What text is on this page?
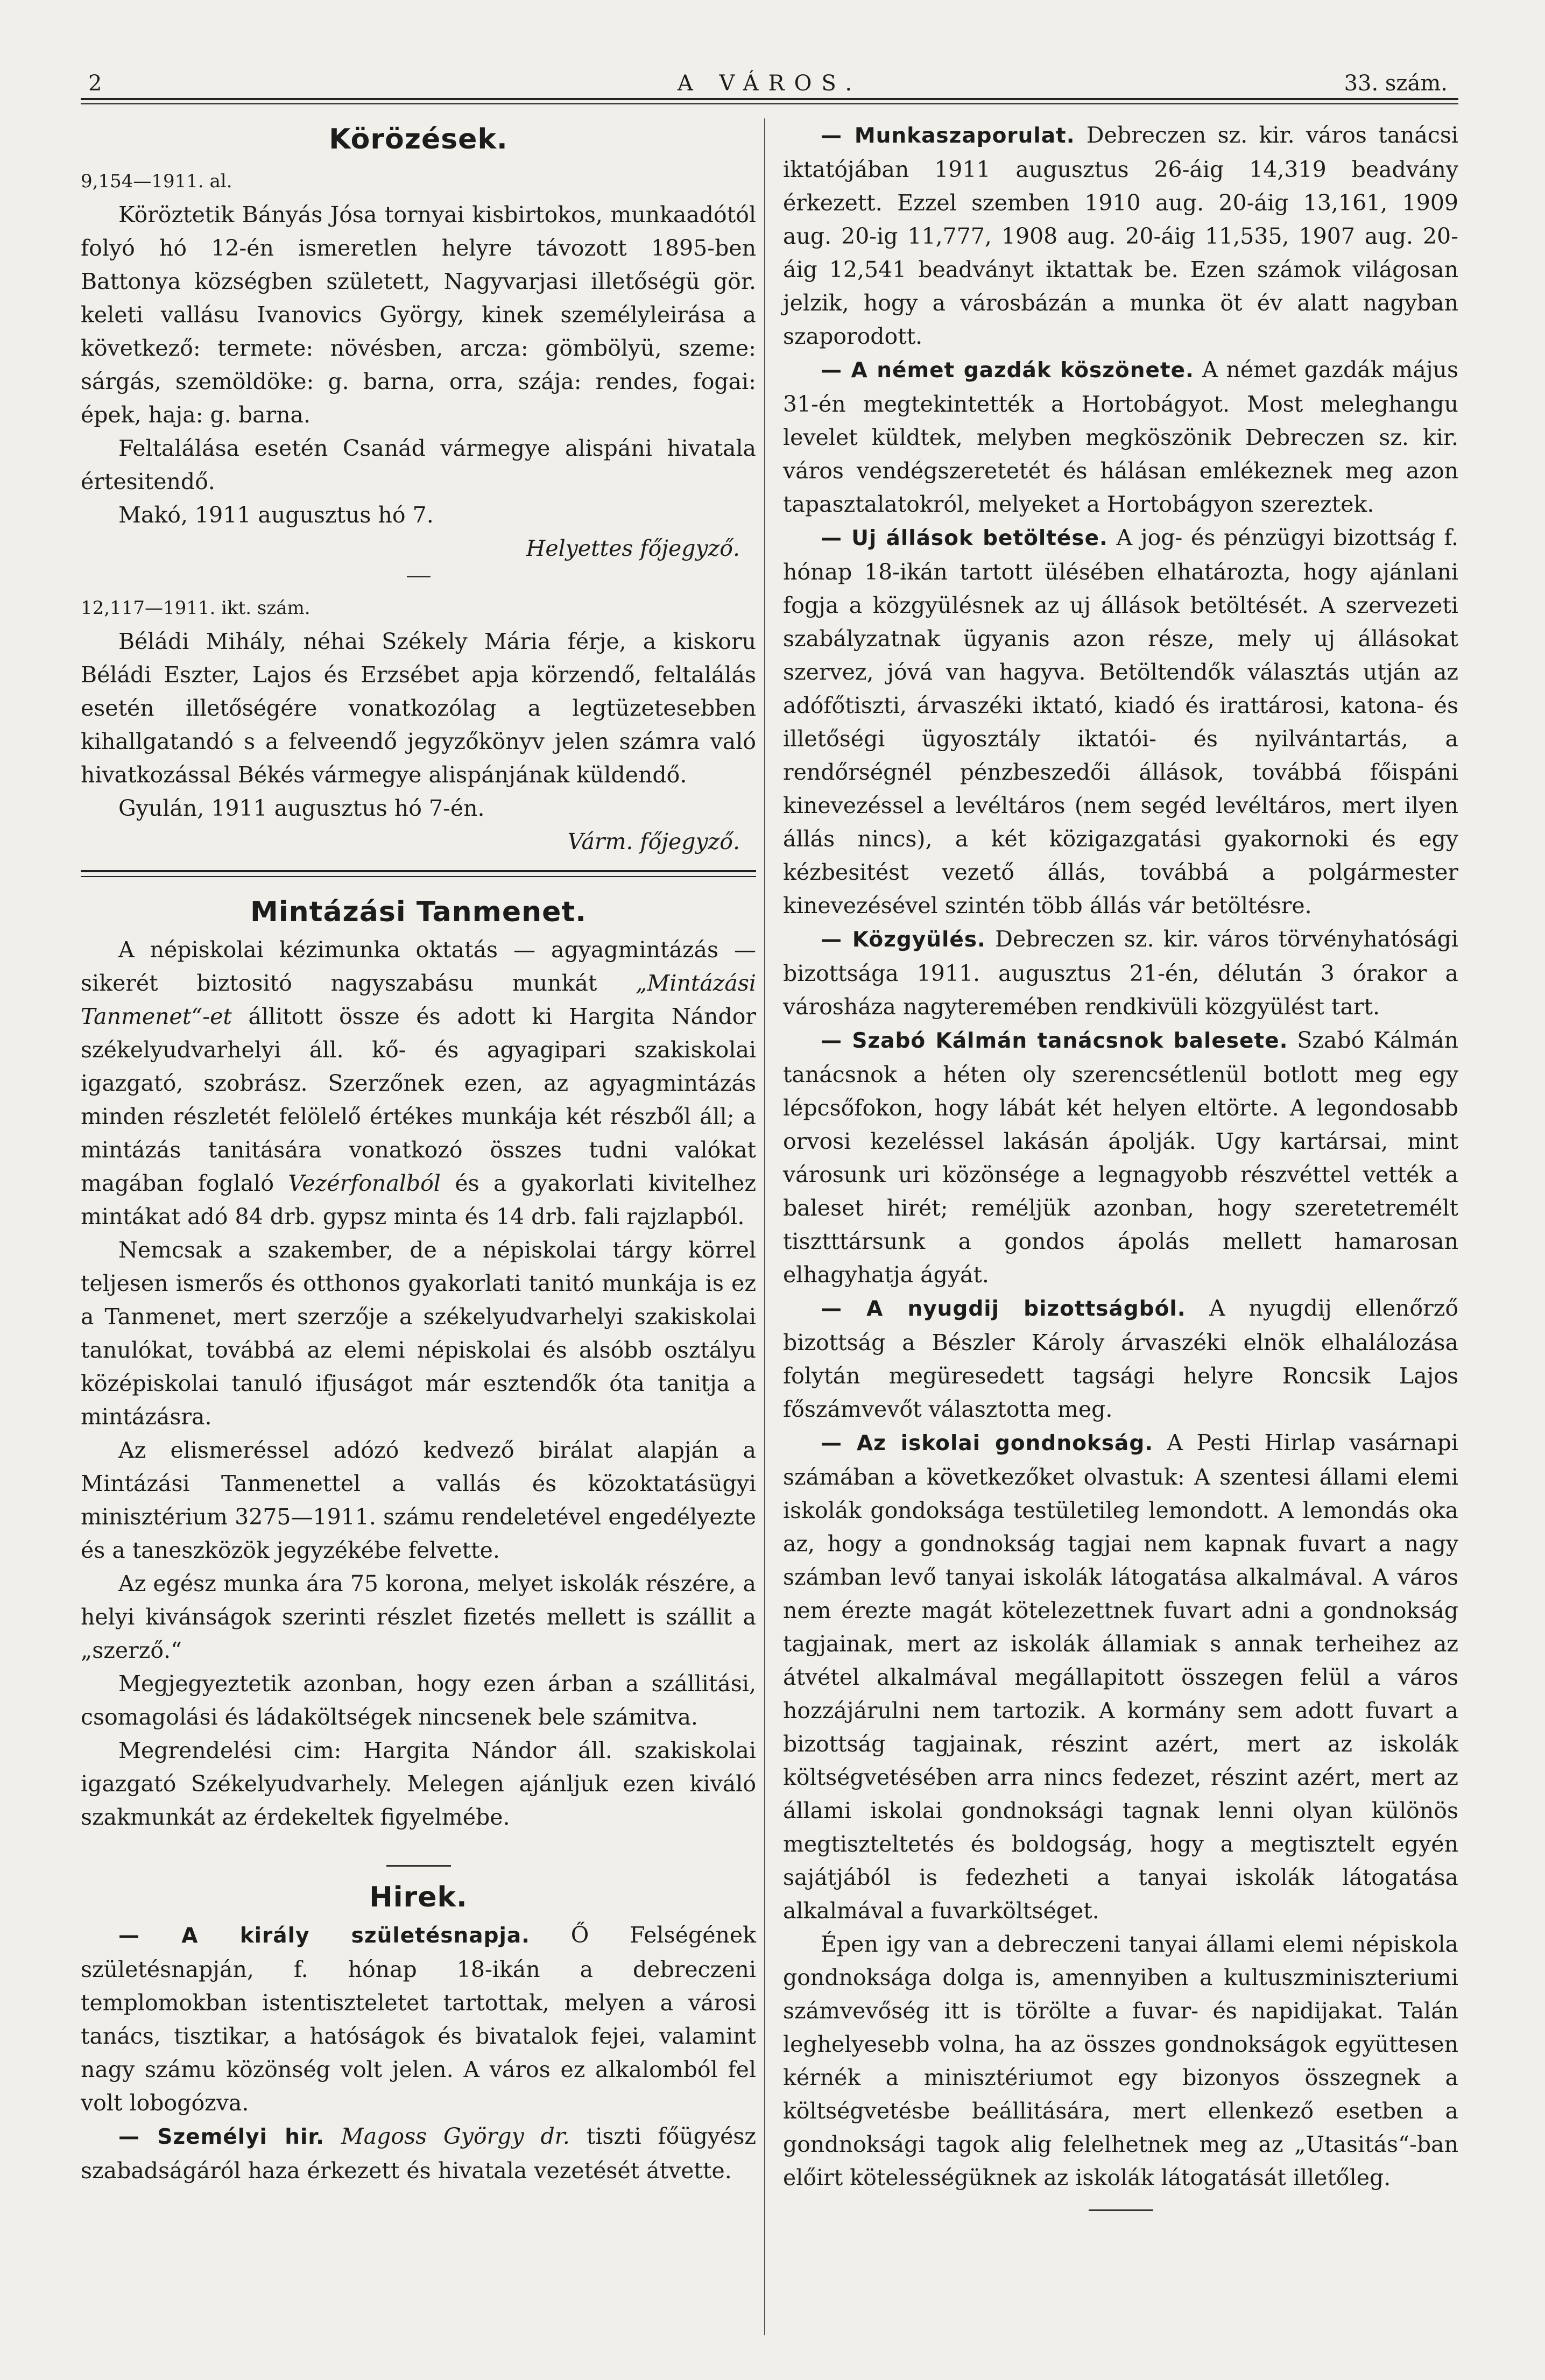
2	A VÁROS.	33. szám.
Körözések.

9,154—1911. al.

Köröztetik Bányás Jósa tornyai kisbirtokos, munkaadótól folyó hó 12-én ismeretlen helyre távozott 1895-ben Battonya községben született, Nagyvarjasi illetőségü gör. keleti vallásu Ivanovics György, kinek személyleirása a következő: termete: növésben, arcza: gömbölyü, szeme: sárgás, szemöldöke: g. barna, orra, szája: rendes, fogai: épek, haja: g. barna.

Feltalálása esetén Csanád vármegye alispáni hivatala értesitendő.

Makó, 1911 augusztus hó 7.

Helyettes főjegyző.

12,117—1911. ikt. szám.

Béládi Mihály, néhai Székely Mária férje, a kiskoru Béládi Eszter, Lajos és Erzsébet apja körzendő, feltalálás esetén illetőségére vonatkozólag a legtüzetesebben kihallgatandó s a felveendő jegyzőkönyv jelen számra való hivatkozással Békés vármegye alispánjának küldendő.

Gyulán, 1911 augusztus hó 7-én.

Várm. főjegyző.

Mintázási Tanmenet.

A népiskolai kézimunka oktatás — agyagmintázás — sikerét biztositó nagyszabásu munkát „Mintázási Tanmenet“-et állitott össze és adott ki Hargita Nándor székelyudvarhelyi áll. kő- és agyagipari szakiskolai igazgató, szobrász. Szerzőnek ezen, az agyagmintázás minden részletét felölelő értékes munkája két részből áll; a mintázás tanitására vonatkozó összes tudni valókat magában foglaló Vezérfonalból és a gyakorlati kivitelhez mintákat adó 84 drb. gypsz minta és 14 drb. fali rajzlapból.

Nemcsak a szakember, de a népiskolai tárgy körrel teljesen ismerős és otthonos gyakorlati tanitó munkája is ez a Tanmenet, mert szerzője a székelyudvarhelyi szakiskolai tanulókat, továbbá az elemi népiskolai és alsóbb osztályu középiskolai tanuló ifjuságot már esztendők óta tanitja a mintázásra.

Az elismeréssel adózó kedvező birálat alapján a Mintázási Tanmenettel a vallás és közoktatásügyi minisztérium 3275—1911. számu rendeletével engedélyezte és a taneszközök jegyzékébe felvette.

Az egész munka ára 75 korona, melyet iskolák részére, a helyi kivánságok szerinti részlet fizetés mellett is szállit a „szerző.“

Megjegyeztetik azonban, hogy ezen árban a szállitási, csomagolási és ládaköltségek nincsenek bele számitva.

Megrendelési cim: Hargita Nándor áll. szakiskolai igazgató Székelyudvarhely. Melegen ajánljuk ezen kiváló szakmunkát az érdekeltek figyelmébe.

Hirek.

— A király születésnapja. Ő Felségének születésnapján, f. hónap 18-ikán a debreczeni templomokban istentiszteletet tartottak, melyen a városi tanács, tisztikar, a hatóságok és bivatalok fejei, valamint nagy számu közönség volt jelen. A város ez alkalomból fel volt lobogózva.

— Személyi hir. Magoss György dr. tiszti főügyész szabadságáról haza érkezett és hivatala vezetését átvette.

— Munkaszaporulat. Debreczen sz. kir. város tanácsi iktatójában 1911 augusztus 26-áig 14,319 beadvány érkezett. Ezzel szemben 1910 aug. 20-áig 13,161, 1909 aug. 20-ig 11,777, 1908 aug. 20-áig 11,535, 1907 aug. 20-áig 12,541 beadványt iktattak be. Ezen számok világosan jelzik, hogy a városbázán a munka öt év alatt nagyban szaporodott.

— A német gazdák köszönete. A német gazdák május 31-én megtekintették a Hortobágyot. Most meleghangu levelet küldtek, melyben megköszönik Debreczen sz. kir. város vendégszeretetét és hálásan emlékeznek meg azon tapasztalatokról, melyeket a Hortobágyon szereztek.

— Uj állások betöltése. A jog- és pénzügyi bizottság f. hónap 18-ikán tartott ülésében elhatározta, hogy ajánlani fogja a közgyülésnek az uj állások betöltését. A szervezeti szabályzatnak ügyanis azon része, mely uj állásokat szervez, jóvá van hagyva. Betöltendők választás utján az adófőtiszti, árvaszéki iktató, kiadó és irattárosi, katona- és illetőségi ügyosztály iktatói- és nyilvántartás, a rendőrségnél pénzbeszedői állások, továbbá főispáni kinevezéssel a levéltáros (nem segéd levéltáros, mert ilyen állás nincs), a két közigazgatási gyakornoki és egy kézbesitést vezető állás, továbbá a polgármester kinevezésével szintén több állás vár betöltésre.

— Közgyülés. Debreczen sz. kir. város törvényhatósági bizottsága 1911. augusztus 21-én, délután 3 órakor a városháza nagyteremében rendkivüli közgyülést tart.

— Szabó Kálmán tanácsnok balesete. Szabó Kálmán tanácsnok a héten oly szerencsétlenül botlott meg egy lépcsőfokon, hogy lábát két helyen eltörte. A legondosabb orvosi kezeléssel lakásán ápolják. Ugy kartársai, mint városunk uri közönsége a legnagyobb részvéttel vették a baleset hirét; reméljük azonban, hogy szeretetremélt tisztttársunk a gondos ápolás mellett hamarosan elhagyhatja ágyát.

— A nyugdij bizottságból. A nyugdij ellenőrző bizottság a Bészler Károly árvaszéki elnök elhalálozása folytán megüresedett tagsági helyre Roncsik Lajos főszámvevőt választotta meg.

— Az iskolai gondnokság. A Pesti Hirlap vasárnapi számában a következőket olvastuk: A szentesi állami elemi iskolák gondoksága testületileg lemondott. A lemondás oka az, hogy a gondnokság tagjai nem kapnak fuvart a nagy számban levő tanyai iskolák látogatása alkalmával. A város nem érezte magát kötelezettnek fuvart adni a gondnokság tagjainak, mert az iskolák államiak s annak terheihez az átvétel alkalmával megállapitott összegen felül a város hozzájárulni nem tartozik. A kormány sem adott fuvart a bizottság tagjainak, részint azért, mert az iskolák költségvetésében arra nincs fedezet, részint azért, mert az állami iskolai gondnoksági tagnak lenni olyan különös megtiszteltetés és boldogság, hogy a megtisztelt egyén sajátjából is fedezheti a tanyai iskolák látogatása alkalmával a fuvarköltséget.

Épen igy van a debreczeni tanyai állami elemi népiskola gondnoksága dolga is, amennyiben a kultuszminiszteriumi számvevőség itt is törölte a fuvar- és napidijakat. Talán leghelyesebb volna, ha az összes gondnokságok együttesen kérnék a minisztériumot egy bizonyos összegnek a költségvetésbe beállitására, mert ellenkező esetben a gondnoksági tagok alig felelhetnek meg az „Utasitás“-ban előirt kötelességüknek az iskolák látogatását illetőleg.
